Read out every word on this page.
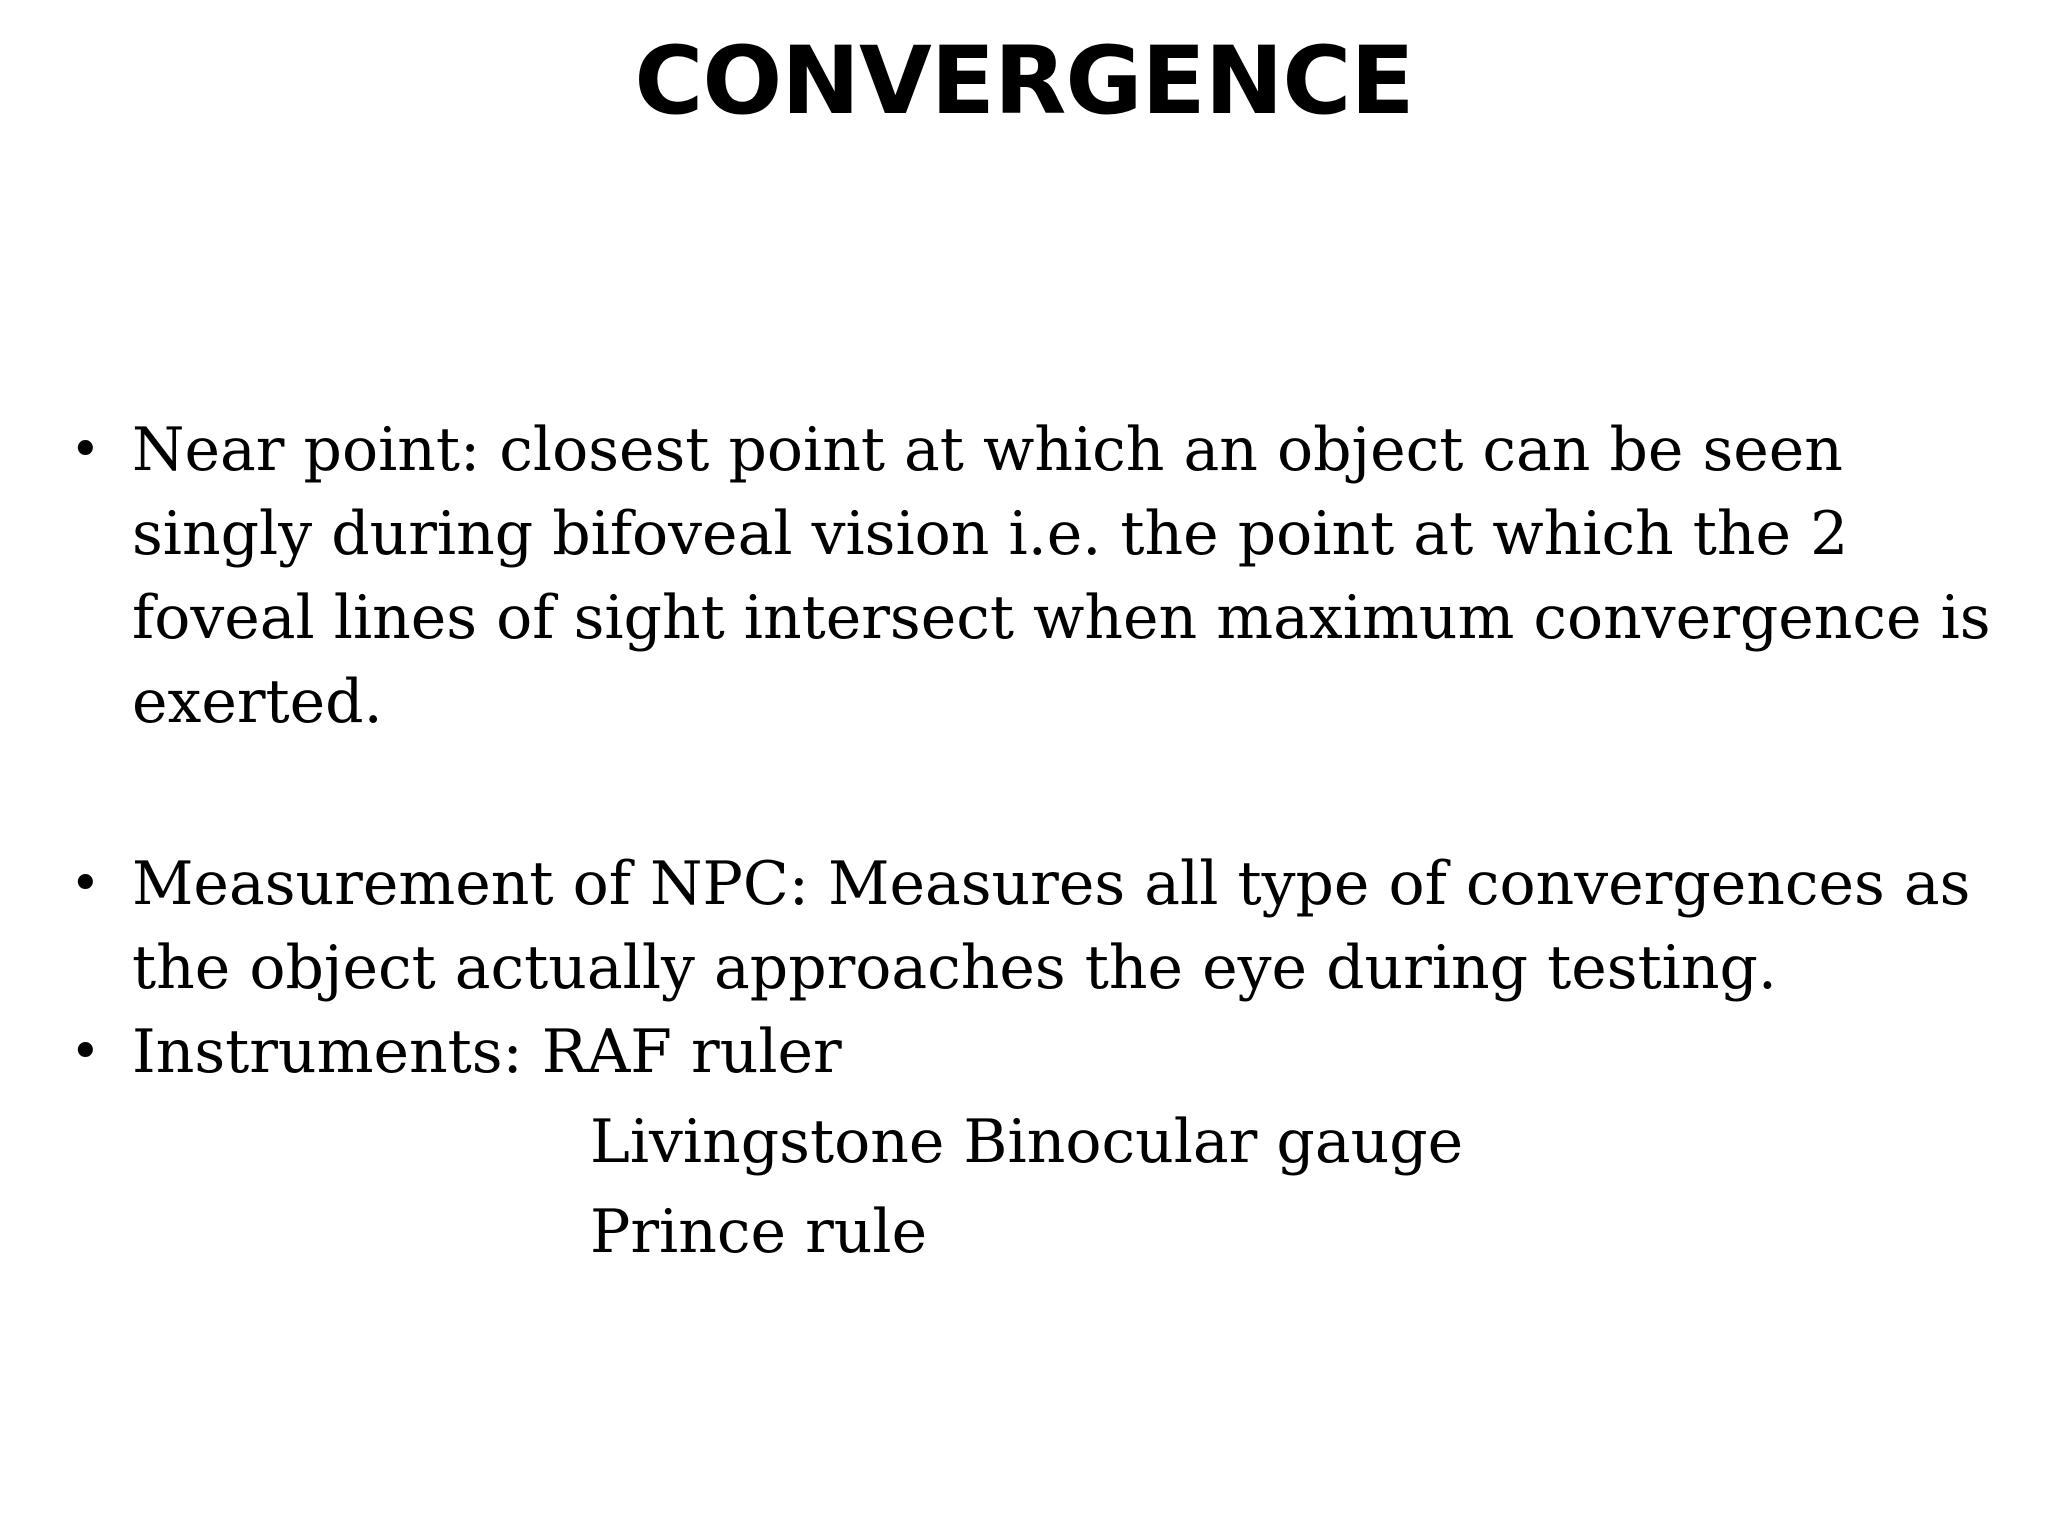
CONVERGENCE
• Near point: closest point at which an object can be seen singly during bifoveal vision i.e. the point at which the 2 foveal lines of sight intersect when maximum convergence is exerted.

• Measurement of NPC: Measures all type of convergences as the object actually approaches the eye during testing.

• Instruments: RAF ruler

Livingstone Binocular gauge

Prince rule
